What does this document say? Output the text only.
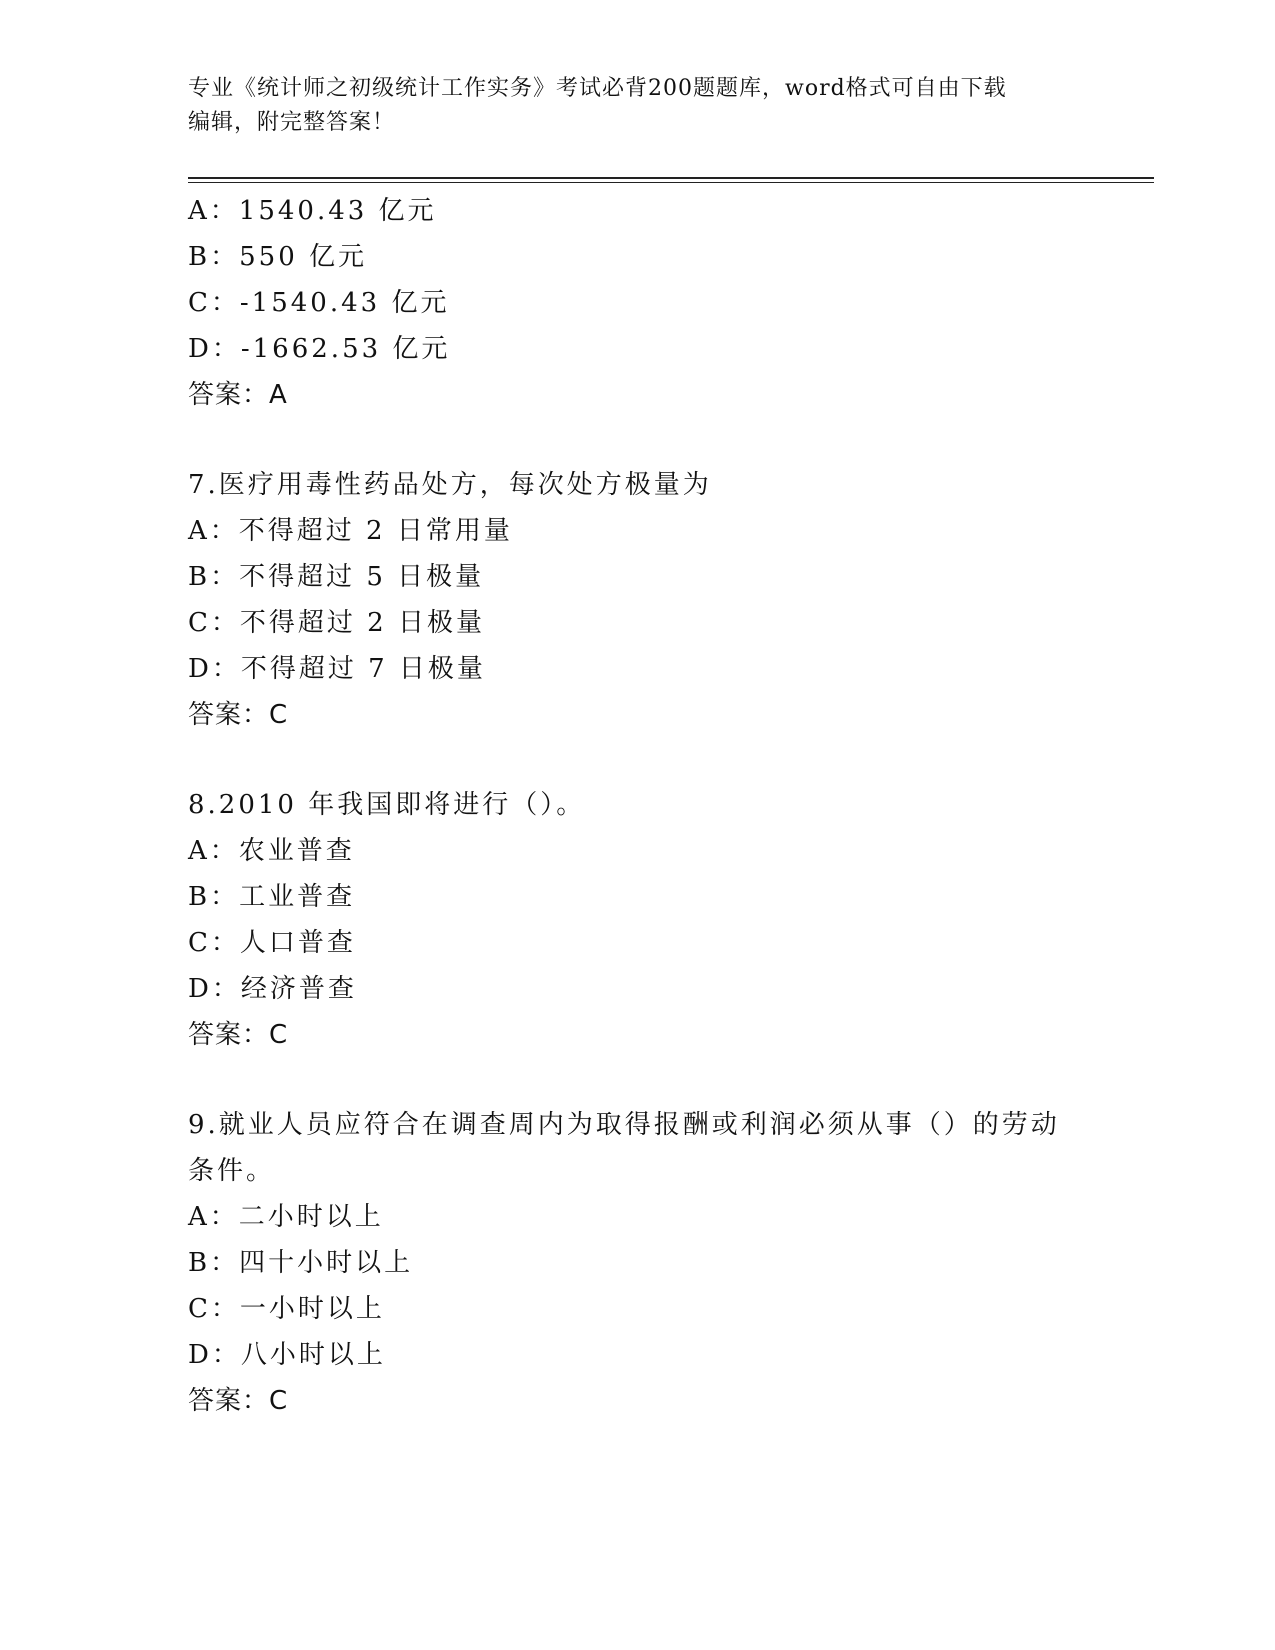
专业《统计师之初级统计工作实务》考试必背200题题库，word格式可自由下载
编辑，附完整答案！
A：1540.43 亿元
B：550 亿元
C：-1540.43 亿元
D：-1662.53 亿元
答案：A
7.医疗用毒性药品处方，每次处方极量为
A：不得超过 2 日常用量
B：不得超过 5 日极量
C：不得超过 2 日极量
D：不得超过 7 日极量
答案：C
8.2010 年我国即将进行（）。
A：农业普查
B：工业普查
C：人口普查
D：经济普查
答案：C
9.就业人员应符合在调查周内为取得报酬或利润必须从事（）的劳动
条件。
A：二小时以上
B：四十小时以上
C：一小时以上
D：八小时以上
答案：C
